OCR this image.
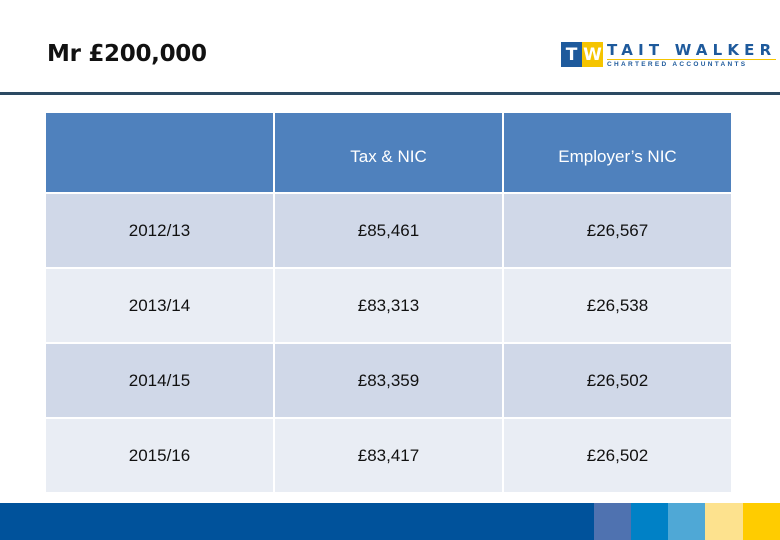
Mr £200,000	T W TAIT WALKER
CHARTERED ACCOUNTANTS
	Tax & NIC	Employer’s NIC
2012/13	£85,461	£26,567
2013/14	£83,313	£26,538
2014/15	£83,359	£26,502
2015/16	£83,417	£26,502
